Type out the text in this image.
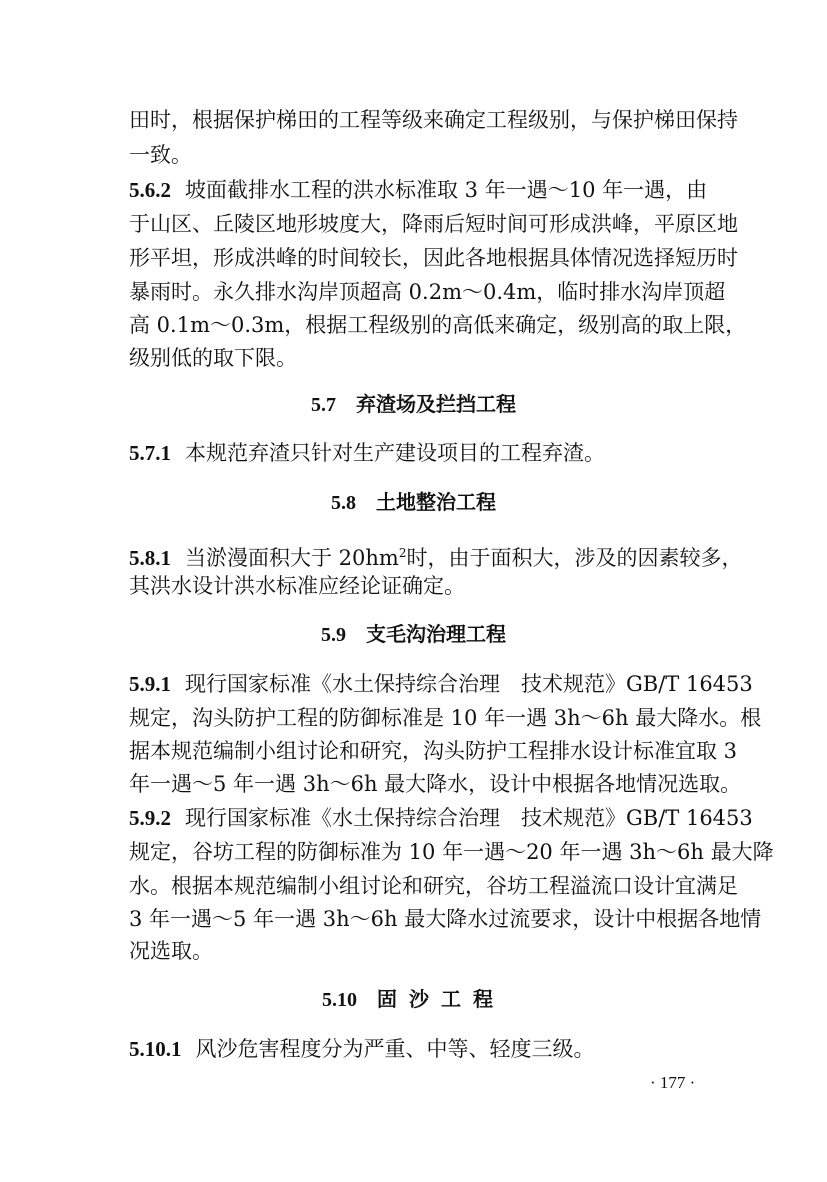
田时，根据保护梯田的工程等级来确定工程级别，与保护梯田保持
一致。
5.6.2 坡面截排水工程的洪水标准取 3 年一遇～10 年一遇，由
于山区、丘陵区地形坡度大，降雨后短时间可形成洪峰，平原区地
形平坦，形成洪峰的时间较长，因此各地根据具体情况选择短历时
暴雨时。永久排水沟岸顶超高 0.2m～0.4m，临时排水沟岸顶超
高 0.1m～0.3m，根据工程级别的高低来确定，级别高的取上限，
级别低的取下限。
5.7 弃渣场及拦挡工程
5.7.1 本规范弃渣只针对生产建设项目的工程弃渣。
5.8 土地整治工程
5.8.1 当淤漫面积大于 $20hm^2$时，由于面积大，涉及的因素较多，
其洪水设计洪水标准应经论证确定。
5.9 支毛沟治理工程
5.9.1 现行国家标准《水土保持综合治理　技术规范》GB/T 16453
规定，沟头防护工程的防御标准是 10 年一遇 3h～6h 最大降水。根
据本规范编制小组讨论和研究，沟头防护工程排水设计标准宜取 3
年一遇～5 年一遇 3h～6h 最大降水，设计中根据各地情况选取。
5.9.2 现行国家标准《水土保持综合治理　技术规范》GB/T 16453
规定，谷坊工程的防御标准为 10 年一遇～20 年一遇 3h～6h 最大降
水。根据本规范编制小组讨论和研究，谷坊工程溢流口设计宜满足
3 年一遇～5 年一遇 3h～6h 最大降水过流要求，设计中根据各地情
况选取。
5.10 固沙工程
5.10.1 风沙危害程度分为严重、中等、轻度三级。
· 177 ·
